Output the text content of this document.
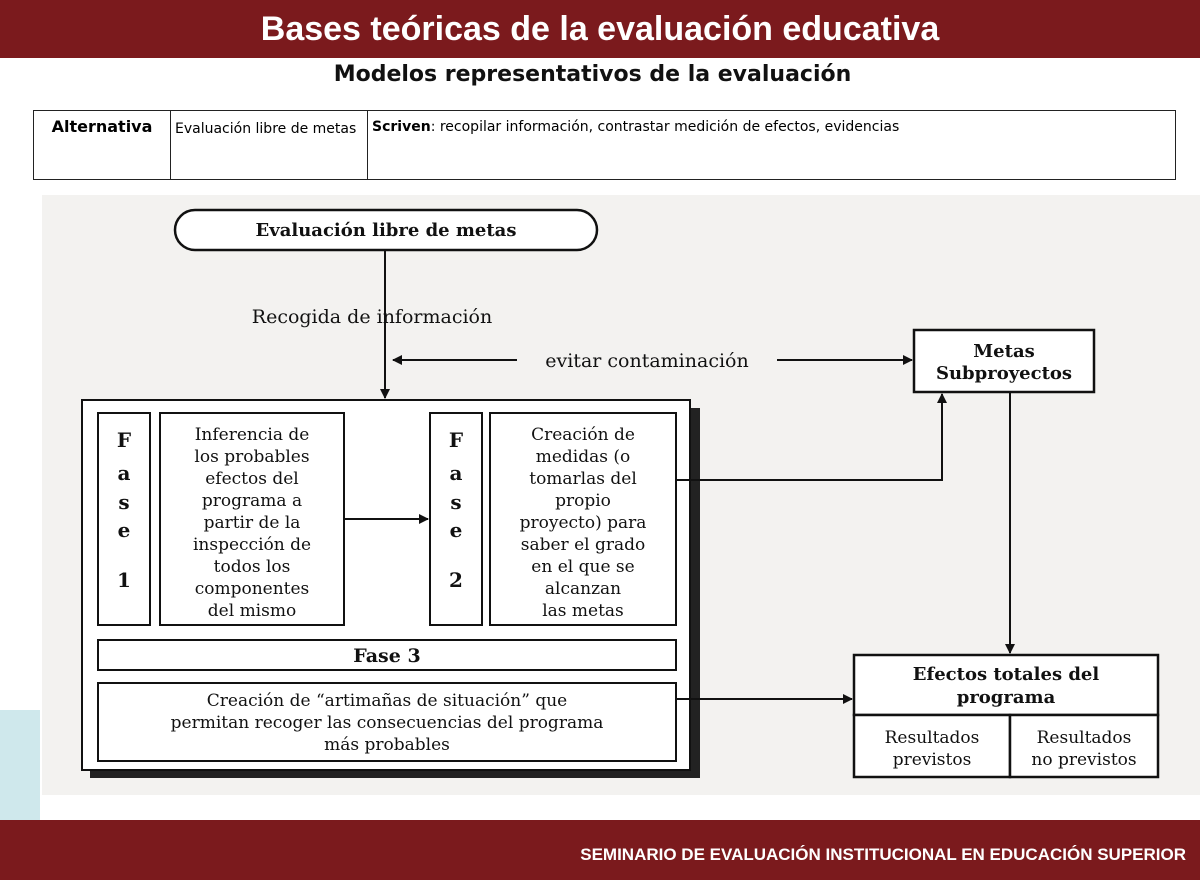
Bases teóricas de la evaluación educativa
Modelos representativos de la evaluación
Alternativa	Evaluación libre de metas	Scriven: recopilar información, contrastar medición de efectos, evidencias
Evaluación libre de metas
Recogida de información
evitar contaminación	Metas
Subproyectos
F
a
s
e
1
Inferencia de
los probables
efectos del
programa a
partir de la
inspección de
todos los
componentes
del mismo
F
a
s
e
2
Creación de
medidas (o
tomarlas del
propio
proyecto) para
saber el grado
en el que se
alcanzan
las metas
Fase 3
Creación de “artimañas de situación” que
permitan recoger las consecuencias del programa
más probables
Efectos totales del
programa
Resultados
previstos
Resultados
no previstos
SEMINARIO DE EVALUACIÓN INSTITUCIONAL EN EDUCACIÓN SUPERIOR
